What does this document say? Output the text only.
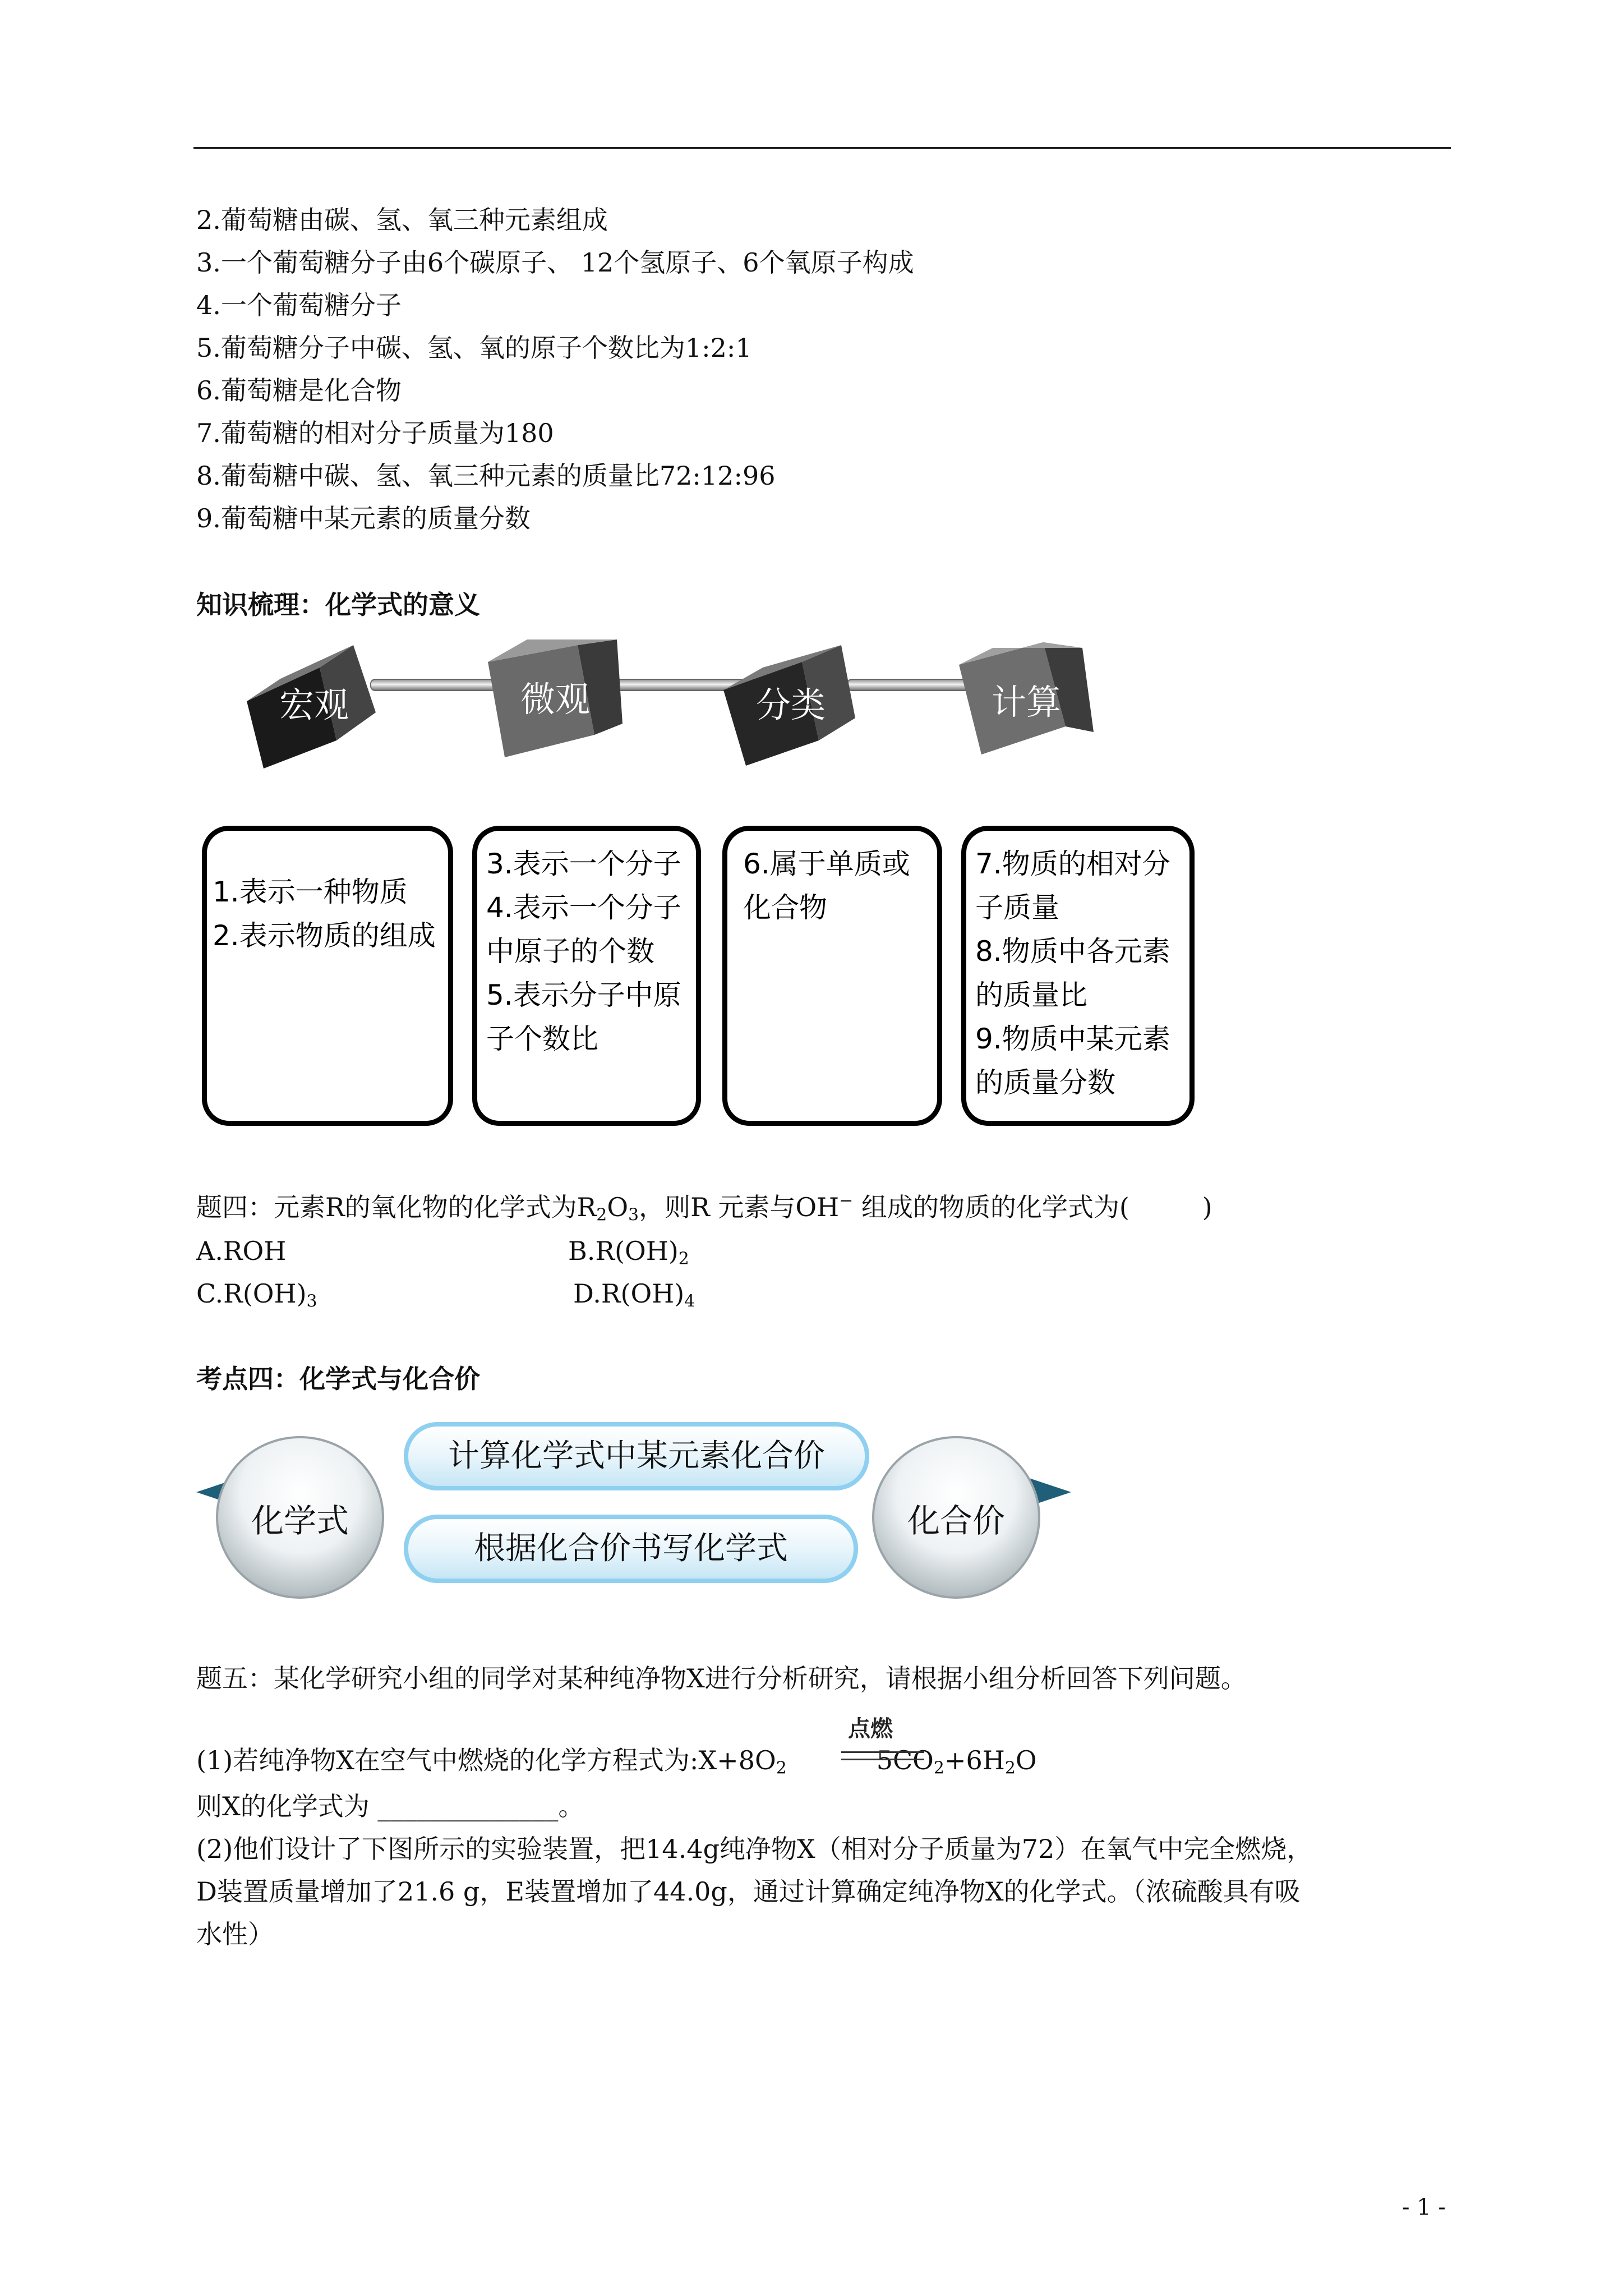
2.葡萄糖由碳、氢、氧三种元素组成
3.一个葡萄糖分子由6个碳原子、 12个氢原子、6个氧原子构成
4.一个葡萄糖分子
5.葡萄糖分子中碳、氢、氧的原子个数比为1:2:1
6.葡萄糖是化合物
7.葡萄糖的相对分子质量为180
8.葡萄糖中碳、氢、氧三种元素的质量比72:12:96
9.葡萄糖中某元素的质量分数
知识梳理：化学式的意义
宏观	微观	分类	计算
1.表示一种物质
2.表示物质的组成
3.表示一个分子
4.表示一个分子
中原子的个数
5.表示分子中原
子个数比
6.属于单质或
化合物
7.物质的相对分
子质量
8.物质中各元素
的质量比
9.物质中某元素
的质量分数
题四：元素R的氧化物的化学式为$R_2O_3$，则R 元素与OH− 组成的物质的化学式为(	)
A.ROH	$B.R(OH)_2$
$C.R(OH)_3$	$D.R(OH)_4$
考点四：化学式与化合价
化学式	化合价
计算化学式中某元素化合价
根据化合价书写化学式
题五：某化学研究小组的同学对某种纯净物X进行分析研究，请根据小组分析回答下列问题。
(1)若纯净物X在空气中燃烧的化学方程式为$:X+8O_2$	$5CO_2+6H_2O$
点燃
则X的化学式为 ______________。
(2)他们设计了下图所示的实验装置，把14.4g纯净物X（相对分子质量为72）在氧气中完全燃烧，
D装置质量增加了21.6 g，E装置增加了44.0g，通过计算确定纯净物X的化学式。（浓硫酸具有吸
水性）
- 1 -
